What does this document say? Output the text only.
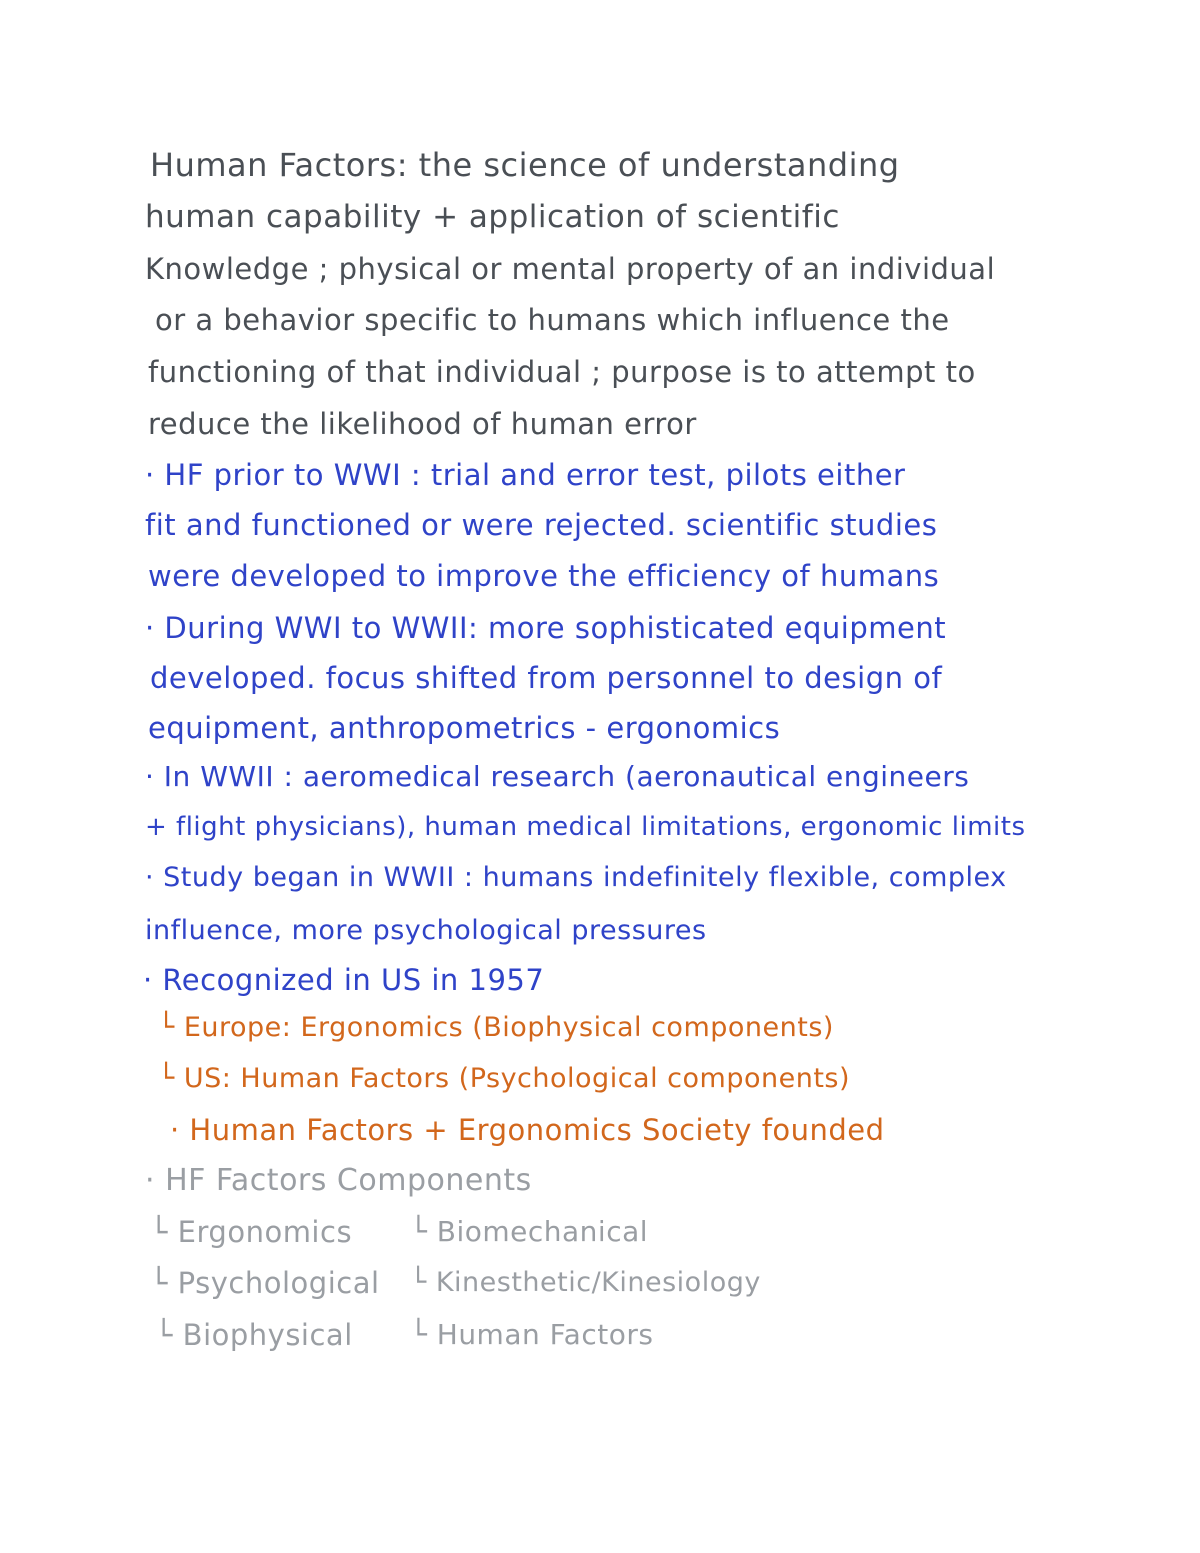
Human Factors: the science of understanding
human capability + application of scientific
Knowledge ; physical or mental property of an individual
or a behavior specific to humans which influence the
functioning of that individual ; purpose is to attempt to
reduce the likelihood of human error
· HF prior to WWI : trial and error test, pilots either
fit and functioned or were rejected. scientific studies
were developed to improve the efficiency of humans
· During WWI to WWII: more sophisticated equipment
developed. focus shifted from personnel to design of
equipment, anthropometrics - ergonomics
· In WWII : aeromedical research (aeronautical engineers
+ flight physicians), human medical limitations, ergonomic limits
· Study began in WWII : humans indefinitely flexible, complex
influence, more psychological pressures
· Recognized in US in 1957
└ Europe: Ergonomics (Biophysical components)
└ US: Human Factors (Psychological components)
· Human Factors + Ergonomics Society founded
· HF Factors Components
└ Ergonomics
└ Psychological
└ Biophysical
└ Biomechanical
└ Kinesthetic/Kinesiology
└ Human Factors
